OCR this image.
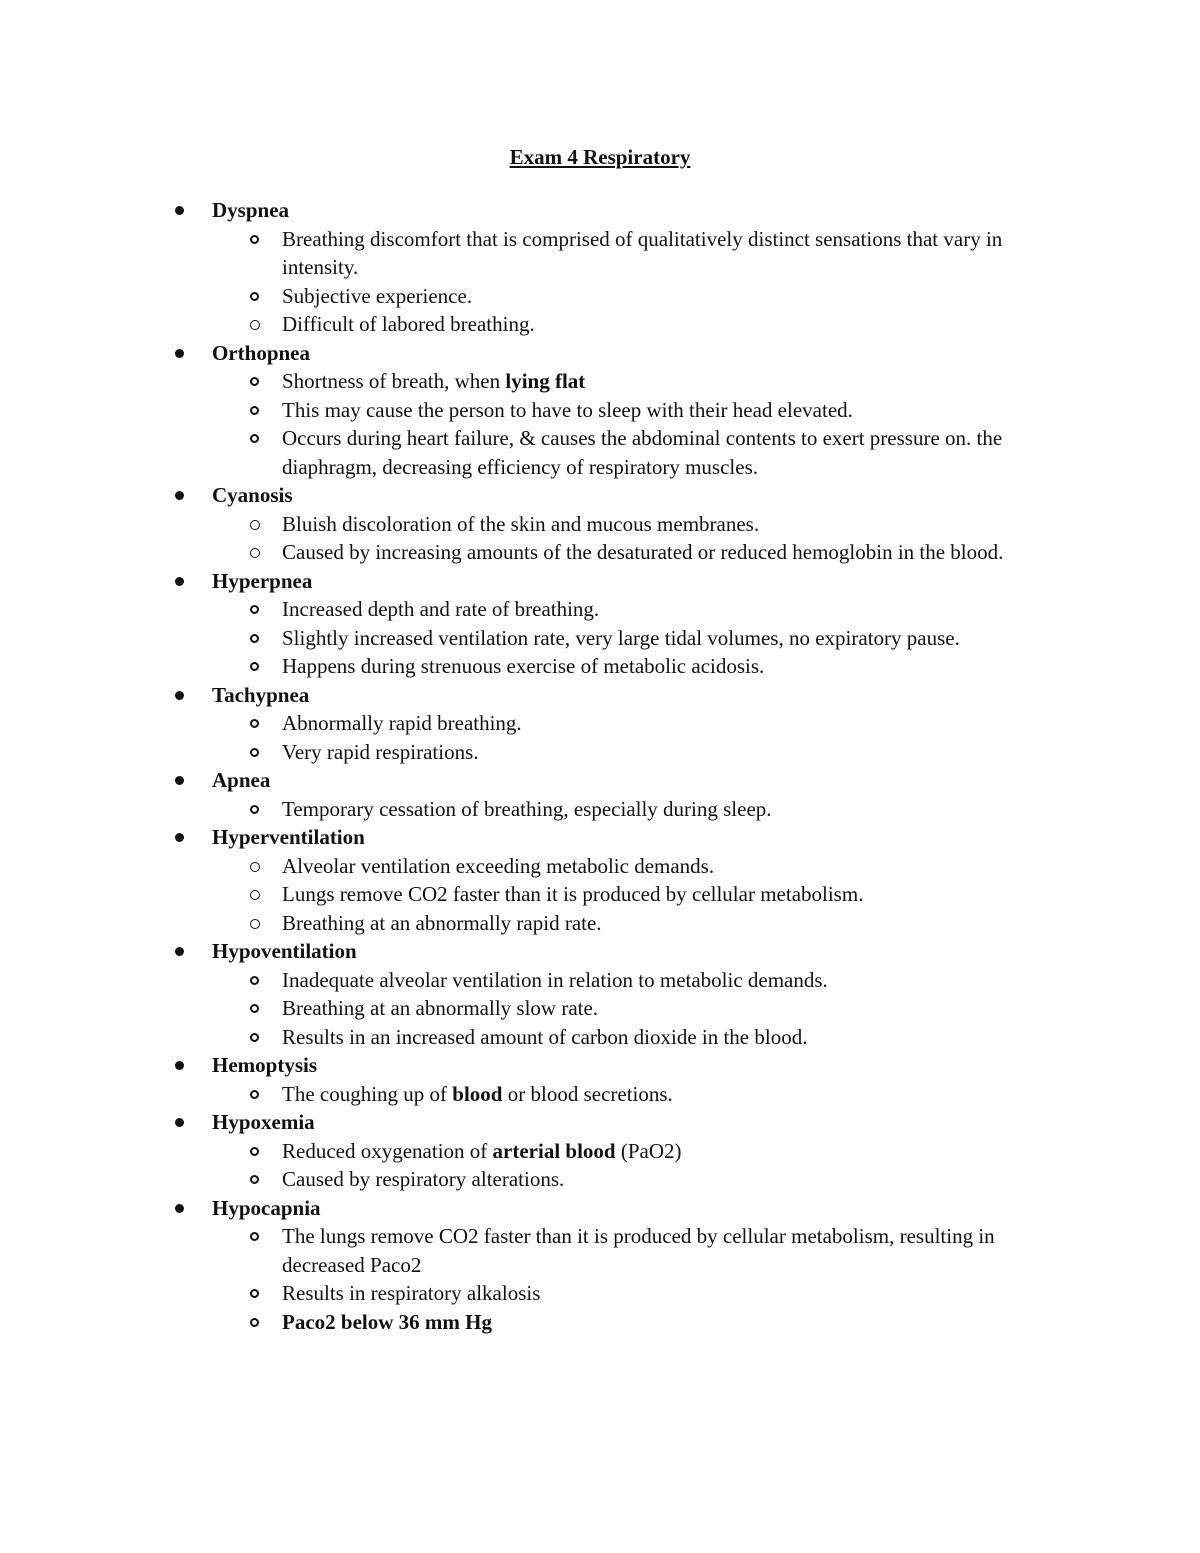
Exam 4 Respiratory
Dyspnea
Breathing discomfort that is comprised of qualitatively distinct sensations that vary in intensity.
Subjective experience.
Difficult of labored breathing.
Orthopnea
Shortness of breath, when lying flat
This may cause the person to have to sleep with their head elevated.
Occurs during heart failure, & causes the abdominal contents to exert pressure on. the diaphragm, decreasing efficiency of respiratory muscles.
Cyanosis
Bluish discoloration of the skin and mucous membranes.
Caused by increasing amounts of the desaturated or reduced hemoglobin in the blood.
Hyperpnea
Increased depth and rate of breathing.
Slightly increased ventilation rate, very large tidal volumes, no expiratory pause.
Happens during strenuous exercise of metabolic acidosis.
Tachypnea
Abnormally rapid breathing.
Very rapid respirations.
Apnea
Temporary cessation of breathing, especially during sleep.
Hyperventilation
Alveolar ventilation exceeding metabolic demands.
Lungs remove CO2 faster than it is produced by cellular metabolism.
Breathing at an abnormally rapid rate.
Hypoventilation
Inadequate alveolar ventilation in relation to metabolic demands.
Breathing at an abnormally slow rate.
Results in an increased amount of carbon dioxide in the blood.
Hemoptysis
The coughing up of blood or blood secretions.
Hypoxemia
Reduced oxygenation of arterial blood (PaO2)
Caused by respiratory alterations.
Hypocapnia
The lungs remove CO2 faster than it is produced by cellular metabolism, resulting in decreased Paco2
Results in respiratory alkalosis
Paco2 below 36 mm Hg
